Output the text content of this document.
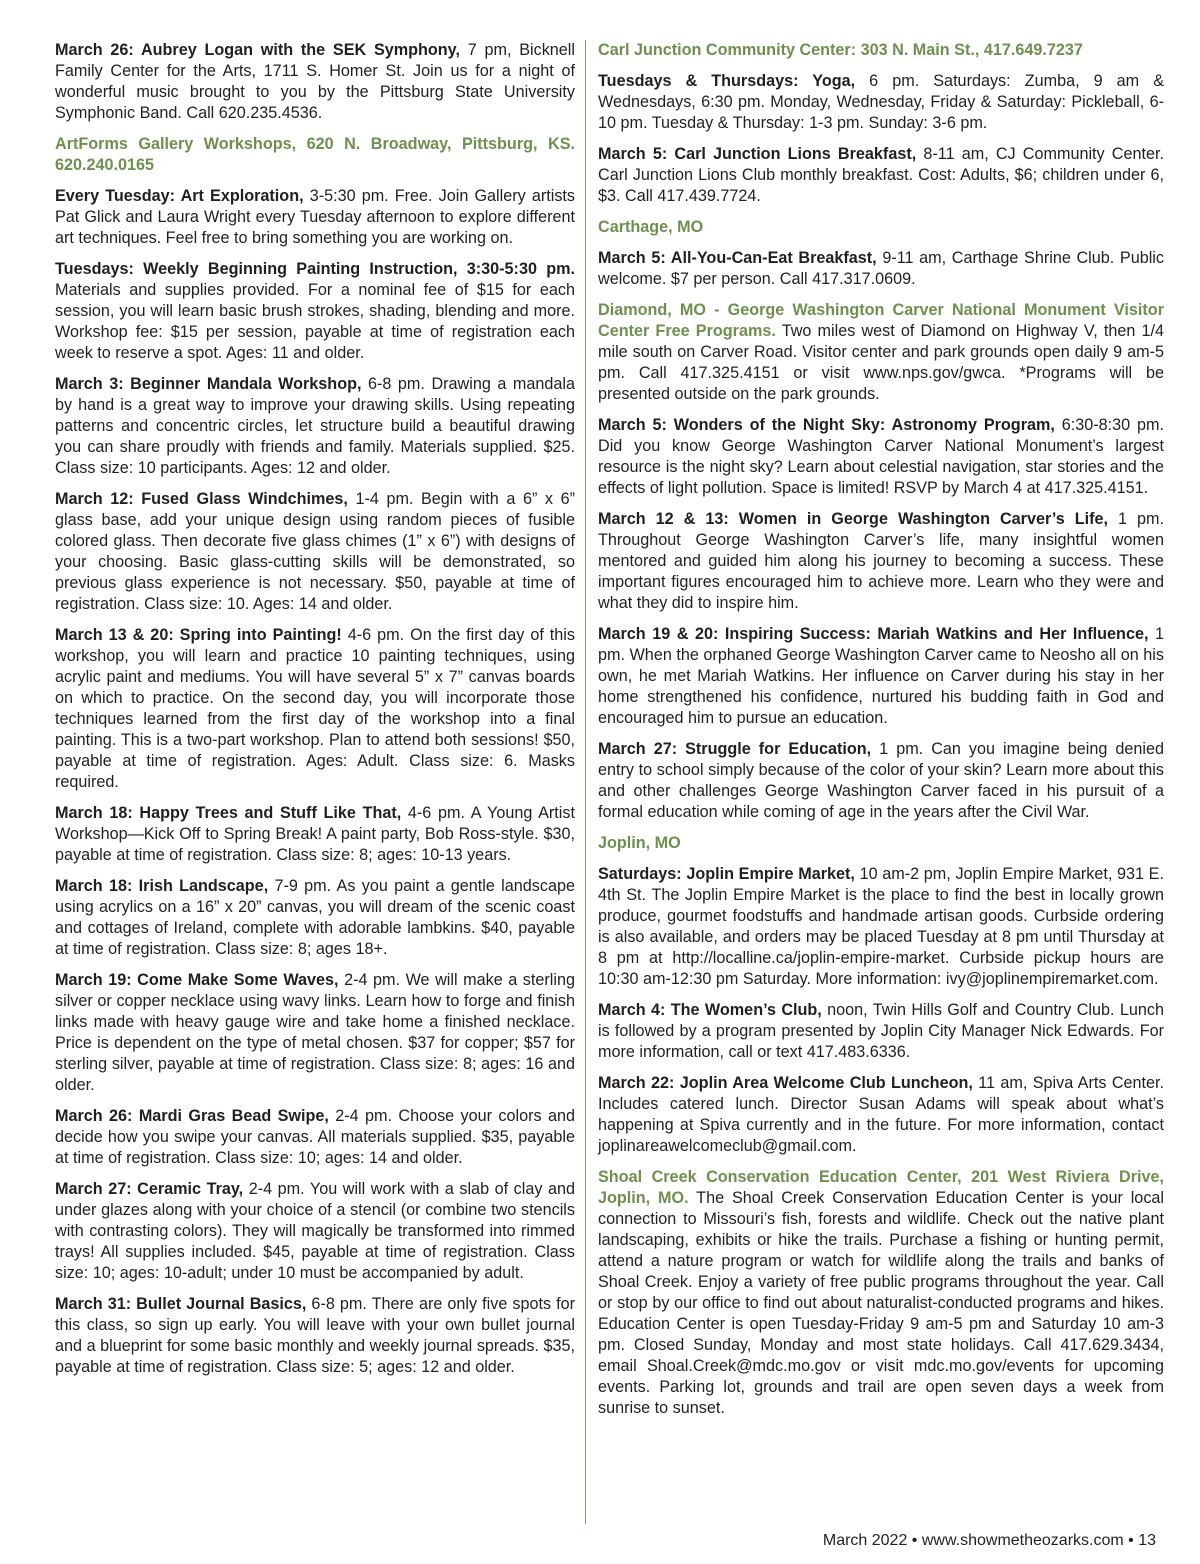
March 26: Aubrey Logan with the SEK Symphony, 7 pm, Bicknell Family Center for the Arts, 1711 S. Homer St. Join us for a night of wonderful music brought to you by the Pittsburg State University Symphonic Band. Call 620.235.4536.

ArtForms Gallery Workshops, 620 N. Broadway, Pittsburg, KS. 620.240.0165

Every Tuesday: Art Exploration, 3-5:30 pm. Free. Join Gallery artists Pat Glick and Laura Wright every Tuesday afternoon to explore different art techniques. Feel free to bring something you are working on.

Tuesdays: Weekly Beginning Painting Instruction, 3:30-5:30 pm. Materials and supplies provided. For a nominal fee of $15 for each session, you will learn basic brush strokes, shading, blending and more. Workshop fee: $15 per session, payable at time of registration each week to reserve a spot. Ages: 11 and older.

March 3: Beginner Mandala Workshop, 6-8 pm. Drawing a mandala by hand is a great way to improve your drawing skills. Using repeating patterns and concentric circles, let structure build a beautiful drawing you can share proudly with friends and family. Materials supplied. $25. Class size: 10 participants. Ages: 12 and older.

March 12: Fused Glass Windchimes, 1-4 pm. Begin with a 6” x 6” glass base, add your unique design using random pieces of fusible colored glass. Then decorate five glass chimes (1” x 6”) with designs of your choosing. Basic glass-cutting skills will be demonstrated, so previous glass experience is not necessary. $50, payable at time of registration. Class size: 10. Ages: 14 and older.

March 13 & 20: Spring into Painting! 4-6 pm. On the first day of this workshop, you will learn and practice 10 painting techniques, using acrylic paint and mediums. You will have several 5” x 7” canvas boards on which to practice. On the second day, you will incorporate those techniques learned from the first day of the workshop into a final painting. This is a two-part workshop. Plan to attend both sessions! $50, payable at time of registration. Ages: Adult. Class size: 6. Masks required.

March 18: Happy Trees and Stuff Like That, 4-6 pm. A Young Artist Workshop—Kick Off to Spring Break! A paint party, Bob Ross-style. $30, payable at time of registration. Class size: 8; ages: 10-13 years.

March 18: Irish Landscape, 7-9 pm. As you paint a gentle landscape using acrylics on a 16” x 20” canvas, you will dream of the scenic coast and cottages of Ireland, complete with adorable lambkins. $40, payable at time of registration. Class size: 8; ages 18+.

March 19: Come Make Some Waves, 2-4 pm. We will make a sterling silver or copper necklace using wavy links. Learn how to forge and finish links made with heavy gauge wire and take home a finished necklace. Price is dependent on the type of metal chosen. $37 for copper; $57 for sterling silver, payable at time of registration. Class size: 8; ages: 16 and older.

March 26: Mardi Gras Bead Swipe, 2-4 pm. Choose your colors and decide how you swipe your canvas. All materials supplied. $35, payable at time of registration. Class size: 10; ages: 14 and older.

March 27: Ceramic Tray, 2-4 pm. You will work with a slab of clay and under glazes along with your choice of a stencil (or combine two stencils with contrasting colors). They will magically be transformed into rimmed trays! All supplies included. $45, payable at time of registration. Class size: 10; ages: 10-adult; under 10 must be accompanied by adult.

March 31: Bullet Journal Basics, 6-8 pm. There are only five spots for this class, so sign up early. You will leave with your own bullet journal and a blueprint for some basic monthly and weekly journal spreads. $35, payable at time of registration. Class size: 5; ages: 12 and older.

Carl Junction Community Center: 303 N. Main St., 417.649.7237

Tuesdays & Thursdays: Yoga, 6 pm. Saturdays: Zumba, 9 am & Wednesdays, 6:30 pm. Monday, Wednesday, Friday & Saturday: Pickleball, 6-10 pm. Tuesday & Thursday: 1-3 pm. Sunday: 3-6 pm.

March 5: Carl Junction Lions Breakfast, 8-11 am, CJ Community Center. Carl Junction Lions Club monthly breakfast. Cost: Adults, $6; children under 6, $3. Call 417.439.7724.

Carthage, MO

March 5: All-You-Can-Eat Breakfast, 9-11 am, Carthage Shrine Club. Public welcome. $7 per person. Call 417.317.0609.

Diamond, MO - George Washington Carver National Monument Visitor Center Free Programs. Two miles west of Diamond on Highway V, then 1/4 mile south on Carver Road. Visitor center and park grounds open daily 9 am-5 pm. Call 417.325.4151 or visit www.nps.gov/gwca. *Programs will be presented outside on the park grounds.

March 5: Wonders of the Night Sky: Astronomy Program, 6:30-8:30 pm. Did you know George Washington Carver National Monument’s largest resource is the night sky? Learn about celestial navigation, star stories and the effects of light pollution. Space is limited! RSVP by March 4 at 417.325.4151.

March 12 & 13: Women in George Washington Carver’s Life, 1 pm. Throughout George Washington Carver’s life, many insightful women mentored and guided him along his journey to becoming a success. These important figures encouraged him to achieve more. Learn who they were and what they did to inspire him.

March 19 & 20: Inspiring Success: Mariah Watkins and Her Influence, 1 pm. When the orphaned George Washington Carver came to Neosho all on his own, he met Mariah Watkins. Her influence on Carver during his stay in her home strengthened his confidence, nurtured his budding faith in God and encouraged him to pursue an education.

March 27: Struggle for Education, 1 pm. Can you imagine being denied entry to school simply because of the color of your skin? Learn more about this and other challenges George Washington Carver faced in his pursuit of a formal education while coming of age in the years after the Civil War.

Joplin, MO

Saturdays: Joplin Empire Market, 10 am-2 pm, Joplin Empire Market, 931 E. 4th St. The Joplin Empire Market is the place to find the best in locally grown produce, gourmet foodstuffs and handmade artisan goods. Curbside ordering is also available, and orders may be placed Tuesday at 8 pm until Thursday at 8 pm at http://localline.ca/joplin-empire-market. Curbside pickup hours are 10:30 am-12:30 pm Saturday. More information: ivy@joplinempiremarket.com.

March 4: The Women’s Club, noon, Twin Hills Golf and Country Club. Lunch is followed by a program presented by Joplin City Manager Nick Edwards. For more information, call or text 417.483.6336.

March 22: Joplin Area Welcome Club Luncheon, 11 am, Spiva Arts Center. Includes catered lunch. Director Susan Adams will speak about what’s happening at Spiva currently and in the future. For more information, contact joplinareawelcomeclub@gmail.com.

Shoal Creek Conservation Education Center, 201 West Riviera Drive, Joplin, MO. The Shoal Creek Conservation Education Center is your local connection to Missouri’s fish, forests and wildlife. Check out the native plant landscaping, exhibits or hike the trails. Purchase a fishing or hunting permit, attend a nature program or watch for wildlife along the trails and banks of Shoal Creek. Enjoy a variety of free public programs throughout the year. Call or stop by our office to find out about naturalist-conducted programs and hikes. Education Center is open Tuesday-Friday 9 am-5 pm and Saturday 10 am-3 pm. Closed Sunday, Monday and most state holidays. Call 417.629.3434, email Shoal.Creek@mdc.mo.gov or visit mdc.mo.gov/events for upcoming events. Parking lot, grounds and trail are open seven days a week from sunrise to sunset.

March 2022 • www.showmetheozarks.com • 13
